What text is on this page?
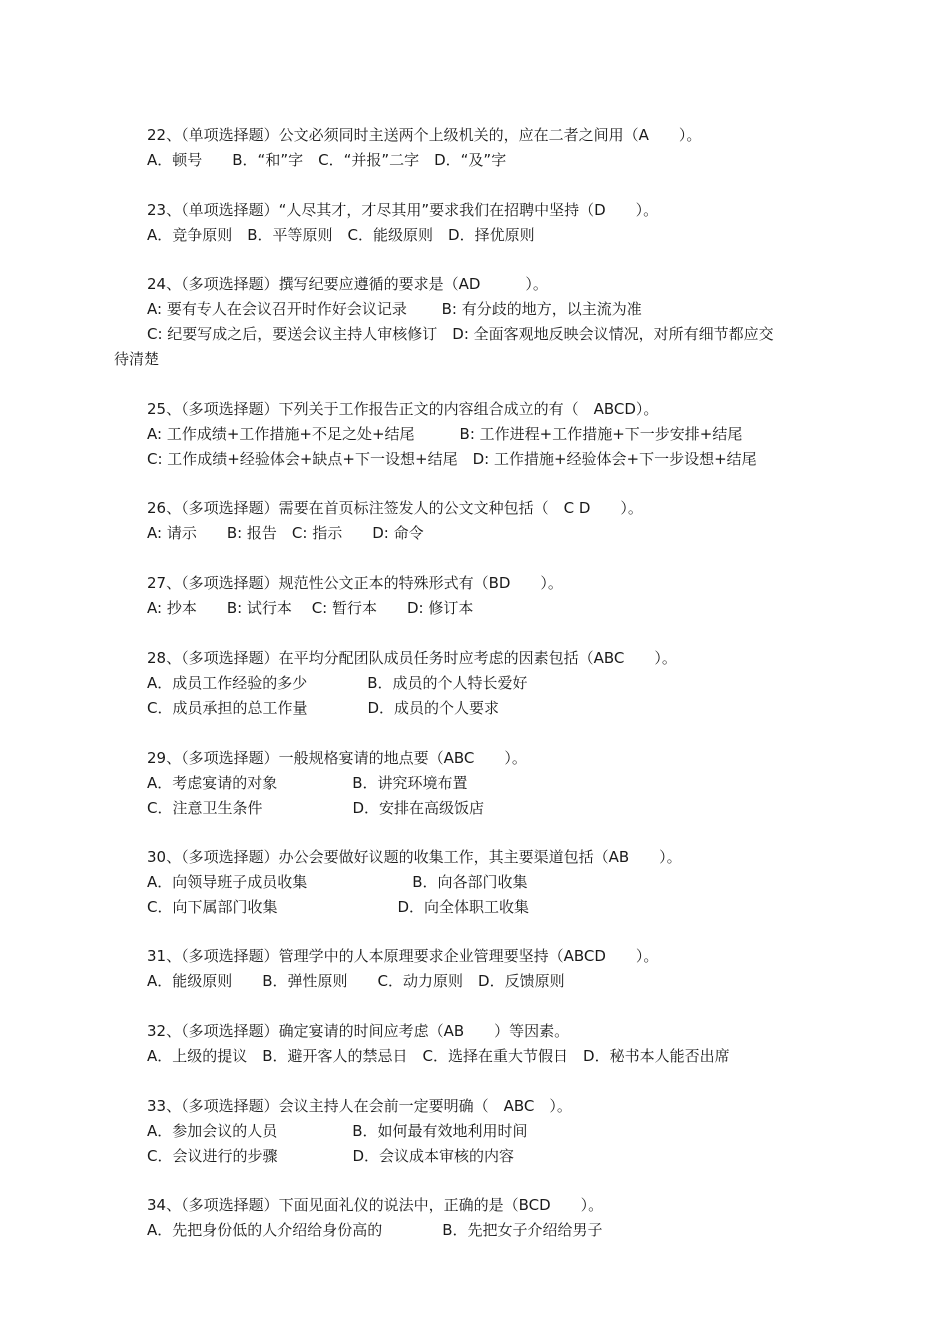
22、（单项选择题）公文必须同时主送两个上级机关的，应在二者之间用（A　　）。
A．顿号　　B．“和”字　C．“并报”二字　D．“及”字
23、（单项选择题）“人尽其才，才尽其用”要求我们在招聘中坚持（D　　）。
A．竞争原则　B．平等原则　C．能级原则　D．择优原则
24、（多项选择题）撰写纪要应遵循的要求是（AD　　　）。
A: 要有专人在会议召开时作好会议记录　　 B: 有分歧的地方，以主流为准
C: 纪要写成之后，要送会议主持人审核修订　D: 全面客观地反映会议情况，对所有细节都应交
待清楚
25、（多项选择题）下列关于工作报告正文的内容组合成立的有（　ABCD）。
A: 工作成绩+工作措施+不足之处+结尾　　　B: 工作进程+工作措施+下一步安排+结尾
C: 工作成绩+经验体会+缺点+下一设想+结尾　D: 工作措施+经验体会+下一步设想+结尾
26、（多项选择题）需要在首页标注签发人的公文文种包括（　C D　　）。
A: 请示　　B: 报告　C: 指示　　D: 命令
27、（多项选择题）规范性公文正本的特殊形式有（BD　　）。
A: 抄本　　B: 试行本　 C: 暂行本　　D: 修订本
28、（多项选择题）在平均分配团队成员任务时应考虑的因素包括（ABC　　）。
A．成员工作经验的多少　　　　B．成员的个人特长爱好
C．成员承担的总工作量　　　　D．成员的个人要求
29、（多项选择题）一般规格宴请的地点要（ABC　　）。
A．考虑宴请的对象　　　　　B．讲究环境布置
C．注意卫生条件　　　　　　D．安排在高级饭店
30、（多项选择题）办公会要做好议题的收集工作，其主要渠道包括（AB　　）。
A．向领导班子成员收集　　　　　　　B．向各部门收集
C．向下属部门收集　　　　　　　　D．向全体职工收集
31、（多项选择题）管理学中的人本原理要求企业管理要坚持（ABCD　　）。
A．能级原则　　B．弹性原则　　C．动力原则　D．反馈原则
32、（多项选择题）确定宴请的时间应考虑（AB　　）等因素。
A．上级的提议　B．避开客人的禁忌日　C．选择在重大节假日　D．秘书本人能否出席
33、（多项选择题）会议主持人在会前一定要明确（　ABC　）。
A．参加会议的人员　　　　　B．如何最有效地利用时间
C．会议进行的步骤　　　　　D．会议成本审核的内容
34、（多项选择题）下面见面礼仪的说法中，正确的是（BCD　　）。
A．先把身份低的人介绍给身份高的　　　　B．先把女子介绍给男子
